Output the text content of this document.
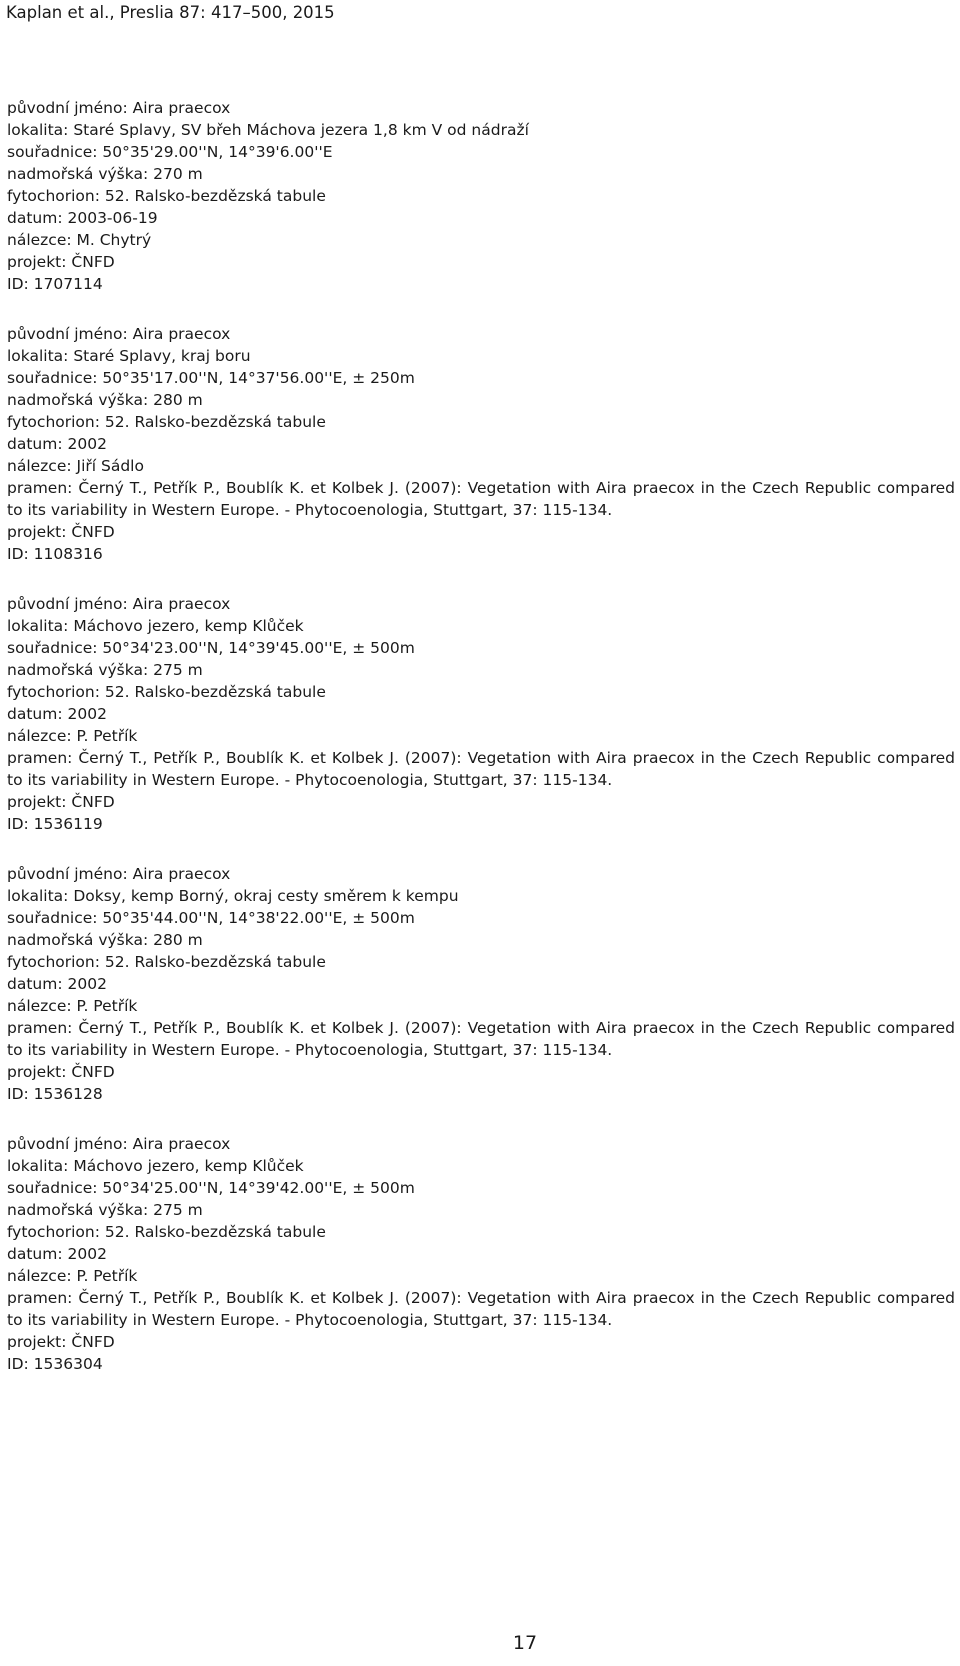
Kaplan et al., Preslia 87: 417–500, 2015
původní jméno: Aira praecox
lokalita: Staré Splavy, SV břeh Máchova jezera 1,8 km V od nádraží
souřadnice: 50°35'29.00''N, 14°39'6.00''E
nadmořská výška: 270 m
fytochorion: 52. Ralsko-bezdězská tabule
datum: 2003-06-19
nálezce: M. Chytrý
projekt: ČNFD
ID: 1707114
původní jméno: Aira praecox
lokalita: Staré Splavy, kraj boru
souřadnice: 50°35'17.00''N, 14°37'56.00''E, ± 250m
nadmořská výška: 280 m
fytochorion: 52. Ralsko-bezdězská tabule
datum: 2002
nálezce: Jiří Sádlo
pramen: Černý T., Petřík P., Boublík K. et Kolbek J. (2007): Vegetation with Aira praecox in the Czech Republic compared to its variability in Western Europe. - Phytocoenologia, Stuttgart, 37: 115-134.
projekt: ČNFD
ID: 1108316
původní jméno: Aira praecox
lokalita: Máchovo jezero, kemp Klůček
souřadnice: 50°34'23.00''N, 14°39'45.00''E, ± 500m
nadmořská výška: 275 m
fytochorion: 52. Ralsko-bezdězská tabule
datum: 2002
nálezce: P. Petřík
pramen: Černý T., Petřík P., Boublík K. et Kolbek J. (2007): Vegetation with Aira praecox in the Czech Republic compared to its variability in Western Europe. - Phytocoenologia, Stuttgart, 37: 115-134.
projekt: ČNFD
ID: 1536119
původní jméno: Aira praecox
lokalita: Doksy, kemp Borný, okraj cesty směrem k kempu
souřadnice: 50°35'44.00''N, 14°38'22.00''E, ± 500m
nadmořská výška: 280 m
fytochorion: 52. Ralsko-bezdězská tabule
datum: 2002
nálezce: P. Petřík
pramen: Černý T., Petřík P., Boublík K. et Kolbek J. (2007): Vegetation with Aira praecox in the Czech Republic compared to its variability in Western Europe. - Phytocoenologia, Stuttgart, 37: 115-134.
projekt: ČNFD
ID: 1536128
původní jméno: Aira praecox
lokalita: Máchovo jezero, kemp Klůček
souřadnice: 50°34'25.00''N, 14°39'42.00''E, ± 500m
nadmořská výška: 275 m
fytochorion: 52. Ralsko-bezdězská tabule
datum: 2002
nálezce: P. Petřík
pramen: Černý T., Petřík P., Boublík K. et Kolbek J. (2007): Vegetation with Aira praecox in the Czech Republic compared to its variability in Western Europe. - Phytocoenologia, Stuttgart, 37: 115-134.
projekt: ČNFD
ID: 1536304
17
